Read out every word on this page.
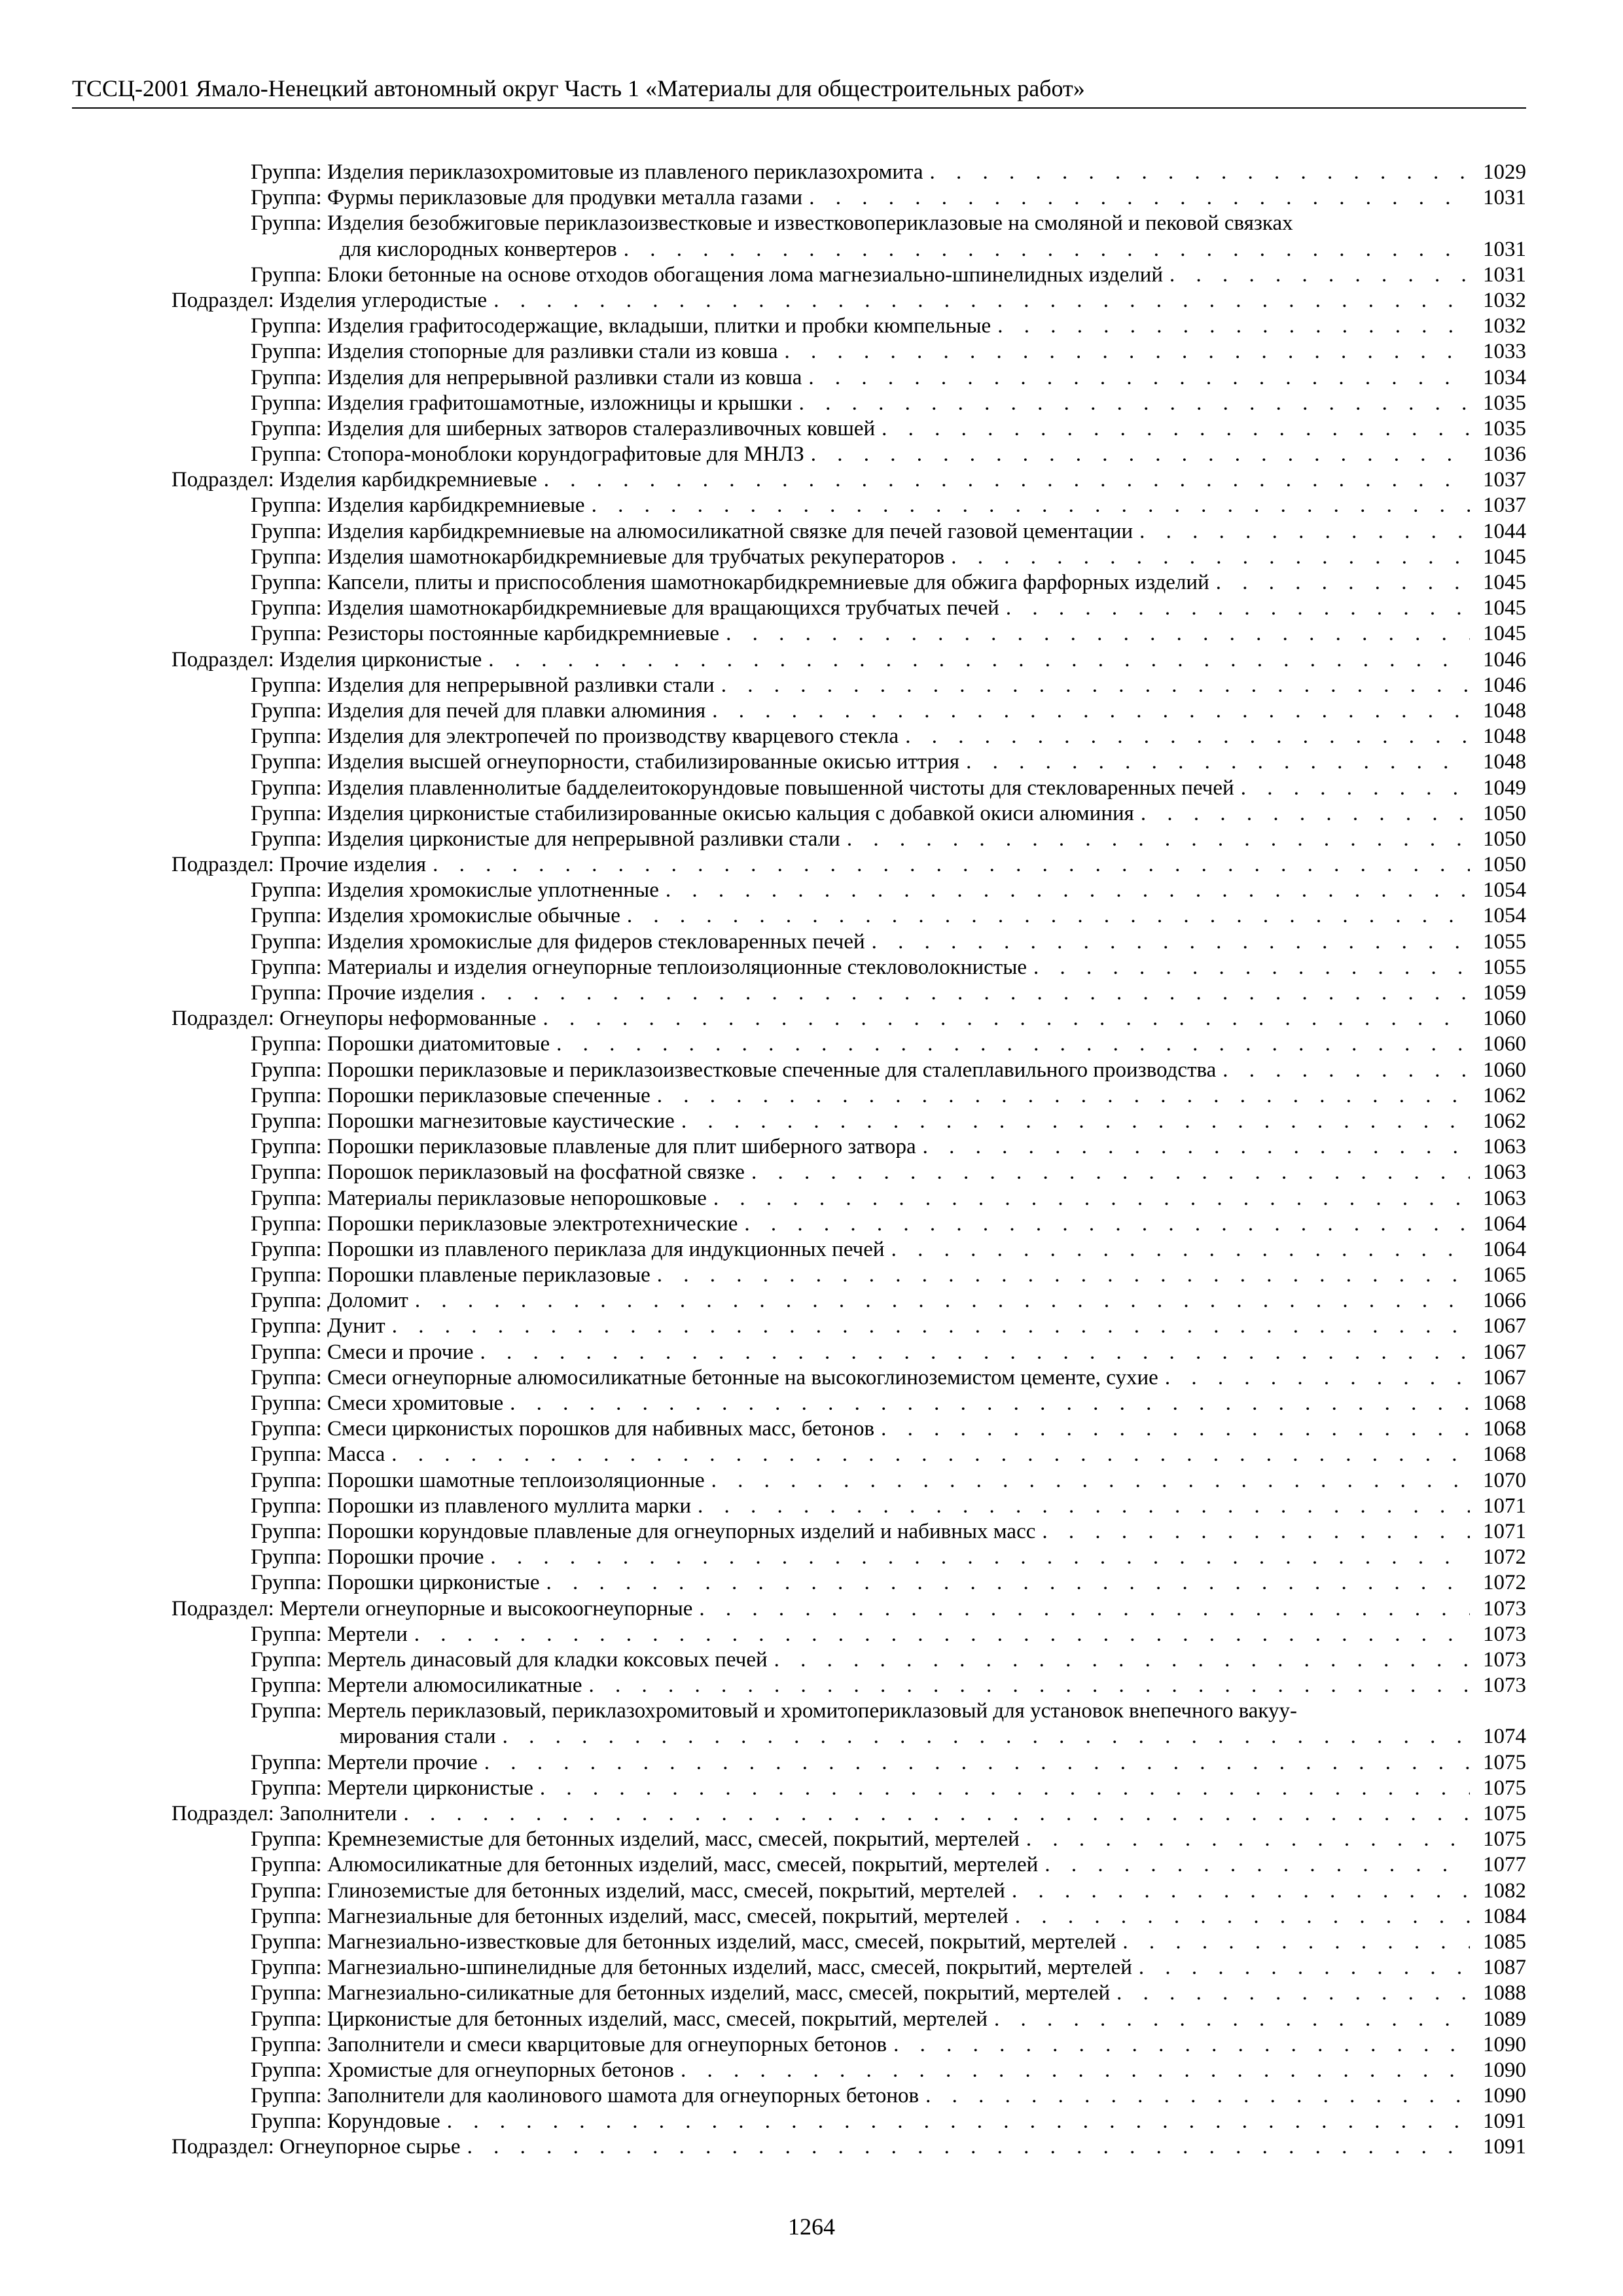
ТССЦ-2001 Ямало-Ненецкий автономный округ Часть 1 «Материалы для общестроительных работ»
Группа: Изделия периклазохромитовые из плавленого периклазохромита . . .	1029
Группа: Фурмы периклазовые для продувки металла газами . . .	1031
Группа: Изделия безобжиговые периклазоизвестковые и известковопериклазовые на смоляной и пековой связках
для кислородных конвертеров . . .	1031
Группа: Блоки бетонные на основе отходов обогащения лома магнезиально-шпинелидных изделий . . .	1031
Подраздел: Изделия углеродистые . . .	1032
Группа: Изделия графитосодержащие, вкладыши, плитки и пробки кюмпельные . . .	1032
Группа: Изделия стопорные для разливки стали из ковша . . .	1033
Группа: Изделия для непрерывной разливки стали из ковша . . .	1034
Группа: Изделия графитошамотные, изложницы и крышки . . .	1035
Группа: Изделия для шиберных затворов сталеразливочных ковшей . . .	1035
Группа: Стопора-моноблоки корундографитовые для МНЛЗ . . .	1036
Подраздел: Изделия карбидкремниевые . . .	1037
Группа: Изделия карбидкремниевые . . .	1037
Группа: Изделия карбидкремниевые на алюмосиликатной связке для печей газовой цементации . . .	1044
Группа: Изделия шамотнокарбидкремниевые для трубчатых рекуператоров . . .	1045
Группа: Капсели, плиты и приспособления шамотнокарбидкремниевые для обжига фарфорных изделий . . .	1045
Группа: Изделия шамотнокарбидкремниевые для вращающихся трубчатых печей . . .	1045
Группа: Резисторы постоянные карбидкремниевые . . .	1045
Подраздел: Изделия цирконистые . . .	1046
Группа: Изделия для непрерывной разливки стали . . .	1046
Группа: Изделия для печей для плавки алюминия . . .	1048
Группа: Изделия для электропечей по производству кварцевого стекла . . .	1048
Группа: Изделия высшей огнеупорности, стабилизированные окисью иттрия . . .	1048
Группа: Изделия плавленнолитые бадделеитокорундовые повышенной чистоты для стекловаренных печей . . .	1049
Группа: Изделия цирконистые стабилизированные окисью кальция с добавкой окиси алюминия . . .	1050
Группа: Изделия цирконистые для непрерывной разливки стали . . .	1050
Подраздел: Прочие изделия . . .	1050
Группа: Изделия хромокислые уплотненные . . .	1054
Группа: Изделия хромокислые обычные . . .	1054
Группа: Изделия хромокислые для фидеров стекловаренных печей . . .	1055
Группа: Материалы и изделия огнеупорные теплоизоляционные стекловолокнистые . . .	1055
Группа: Прочие изделия . . .	1059
Подраздел: Огнеупоры неформованные . . .	1060
Группа: Порошки диатомитовые . . .	1060
Группа: Порошки периклазовые и периклазоизвестковые спеченные для сталеплавильного производства . . .	1060
Группа: Порошки периклазовые спеченные . . .	1062
Группа: Порошки магнезитовые каустические . . .	1062
Группа: Порошки периклазовые плавленые для плит шиберного затвора . . .	1063
Группа: Порошок периклазовый на фосфатной связке . . .	1063
Группа: Материалы периклазовые непорошковые . . .	1063
Группа: Порошки периклазовые электротехнические . . .	1064
Группа: Порошки из плавленого периклаза для индукционных печей . . .	1064
Группа: Порошки плавленые периклазовые . . .	1065
Группа: Доломит . . .	1066
Группа: Дунит . . .	1067
Группа: Смеси и прочие . . .	1067
Группа: Смеси огнеупорные алюмосиликатные бетонные на высокоглиноземистом цементе, сухие . . .	1067
Группа: Смеси хромитовые . . .	1068
Группа: Смеси цирконистых порошков для набивных масс, бетонов . . .	1068
Группа: Масса . . .	1068
Группа: Порошки шамотные теплоизоляционные . . .	1070
Группа: Порошки из плавленого муллита марки . . .	1071
Группа: Порошки корундовые плавленые для огнеупорных изделий и набивных масс . . .	1071
Группа: Порошки прочие . . .	1072
Группа: Порошки цирконистые . . .	1072
Подраздел: Мертели огнеупорные и высокоогнеупорные . . .	1073
Группа: Мертели . . .	1073
Группа: Мертель динасовый для кладки коксовых печей . . .	1073
Группа: Мертели алюмосиликатные . . .	1073
Группа: Мертель периклазовый, периклазохромитовый и хромитопериклазовый для установок внепечного вакуу-
мирования стали . . .	1074
Группа: Мертели прочие . . .	1075
Группа: Мертели цирконистые . . .	1075
Подраздел: Заполнители . . .	1075
Группа: Кремнеземистые для бетонных изделий, масс, смесей, покрытий, мертелей . . .	1075
Группа: Алюмосиликатные для бетонных изделий, масс, смесей, покрытий, мертелей . . .	1077
Группа: Глиноземистые для бетонных изделий, масс, смесей, покрытий, мертелей . . .	1082
Группа: Магнезиальные для бетонных изделий, масс, смесей, покрытий, мертелей . . .	1084
Группа: Магнезиально-известковые для бетонных изделий, масс, смесей, покрытий, мертелей . . .	1085
Группа: Магнезиально-шпинелидные для бетонных изделий, масс, смесей, покрытий, мертелей . . .	1087
Группа: Магнезиально-силикатные для бетонных изделий, масс, смесей, покрытий, мертелей . . .	1088
Группа: Цирконистые для бетонных изделий, масс, смесей, покрытий, мертелей . . .	1089
Группа: Заполнители и смеси кварцитовые для огнеупорных бетонов . . .	1090
Группа: Хромистые для огнеупорных бетонов . . .	1090
Группа: Заполнители для каолинового шамота для огнеупорных бетонов . . .	1090
Группа: Корундовые . . .	1091
Подраздел: Огнеупорное сырье . . .	1091
1264
